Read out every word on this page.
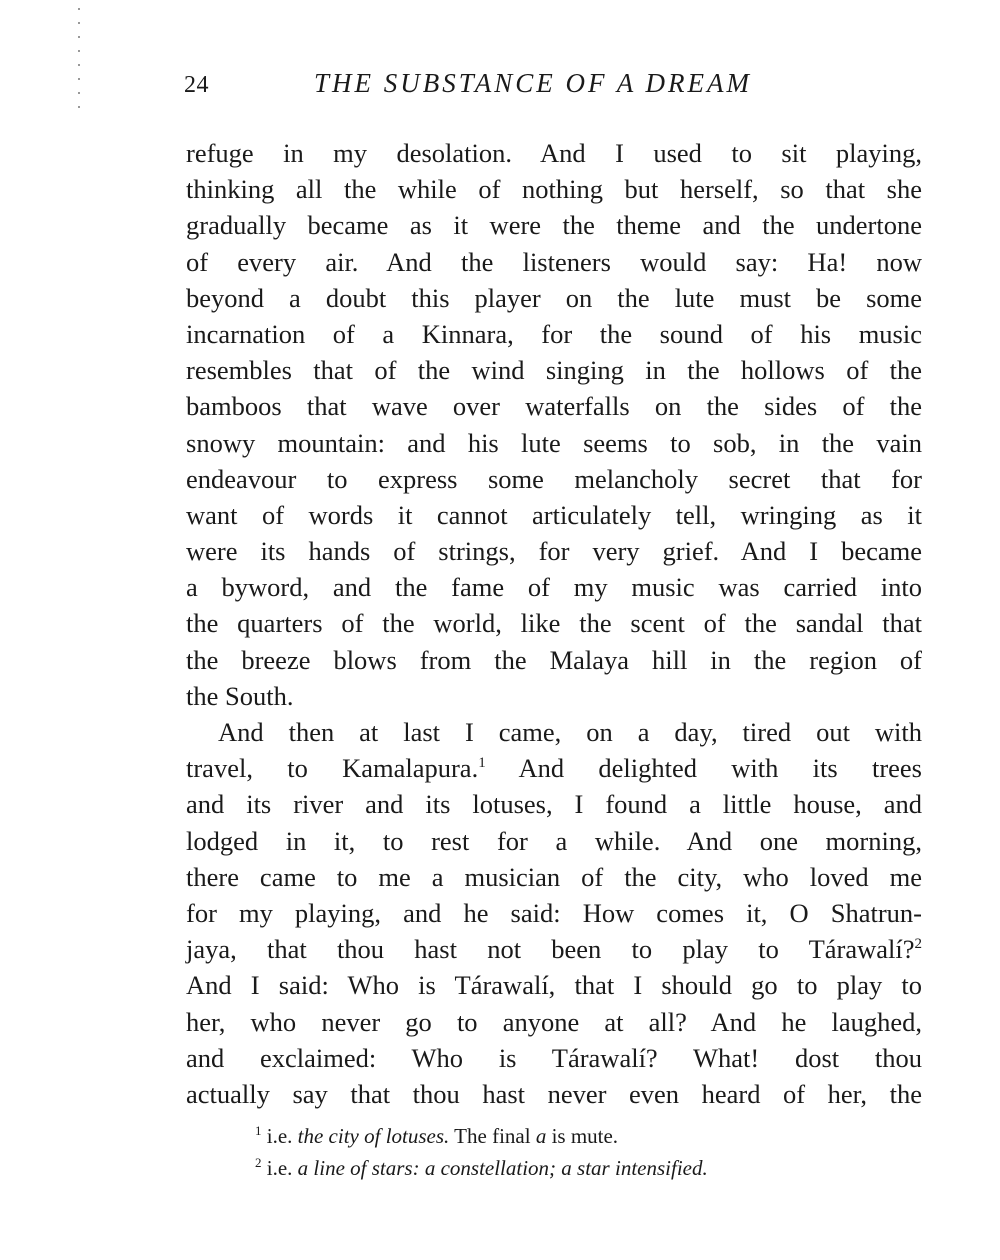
24	THE SUBSTANCE OF A DREAM
refuge in my desolation. And I used to sit playing,
thinking all the while of nothing but herself, so that she
gradually became as it were the theme and the undertone
of every air. And the listeners would say: Ha! now
beyond a doubt this player on the lute must be some
incarnation of a Kinnara, for the sound of his music
resembles that of the wind singing in the hollows of the
bamboos that wave over waterfalls on the sides of the
snowy mountain: and his lute seems to sob, in the vain
endeavour to express some melancholy secret that for
want of words it cannot articulately tell, wringing as it
were its hands of strings, for very grief. And I became
a byword, and the fame of my music was carried into
the quarters of the world, like the scent of the sandal that
the breeze blows from the Malaya hill in the region of
the South.
And then at last I came, on a day, tired out with
travel, to Kamalapura.$^1$ And delighted with its trees
and its river and its lotuses, I found a little house, and
lodged in it, to rest for a while. And one morning,
there came to me a musician of the city, who loved me
for my playing, and he said: How comes it, O Shatrun-
jaya, that thou hast not been to play to Tárawalí?$^2$
And I said: Who is Tárawalí, that I should go to play to
her, who never go to anyone at all? And he laughed,
and exclaimed: Who is Tárawalí? What! dost thou
actually say that thou hast never even heard of her, the
$^1$ i.e. the city of lotuses. The final a is mute.
$^2$ i.e. a line of stars: a constellation; a star intensified.
